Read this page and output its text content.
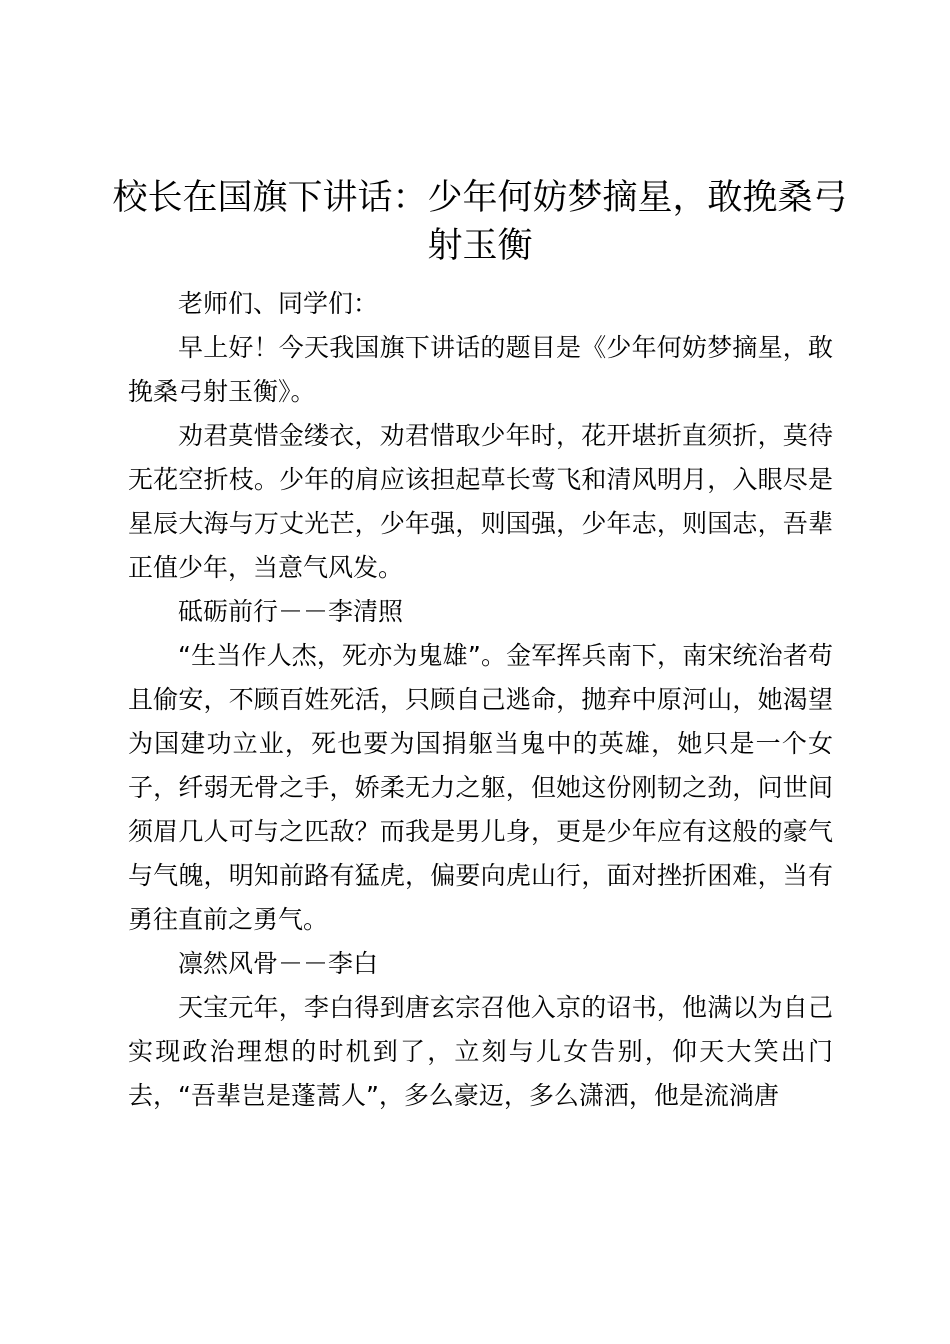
校长在国旗下讲话：少年何妨梦摘星，敢挽桑弓射玉衡

老师们、同学们：

早上好！今天我国旗下讲话的题目是《少年何妨梦摘星，敢挽桑弓射玉衡》。

劝君莫惜金缕衣，劝君惜取少年时，花开堪折直须折，莫待无花空折枝。少年的肩应该担起草长莺飞和清风明月，入眼尽是星辰大海与万丈光芒，少年强，则国强，少年志，则国志，吾辈正值少年，当意气风发。

砥砺前行－－李清照

“生当作人杰，死亦为鬼雄”。金军挥兵南下，南宋统治者苟且偷安，不顾百姓死活，只顾自己逃命，抛弃中原河山，她渴望为国建功立业，死也要为国捐躯当鬼中的英雄，她只是一个女子，纤弱无骨之手，娇柔无力之躯，但她这份刚韧之劲，问世间须眉几人可与之匹敌？而我是男儿身，更是少年应有这般的豪气与气魄，明知前路有猛虎，偏要向虎山行，面对挫折困难，当有勇往直前之勇气。

凛然风骨－－李白

天宝元年，李白得到唐玄宗召他入京的诏书，他满以为自己实现政治理想的时机到了，立刻与儿女告别，仰天大笑出门去，“吾辈岂是蓬蒿人”，多么豪迈，多么潇洒，他是流淌唐
